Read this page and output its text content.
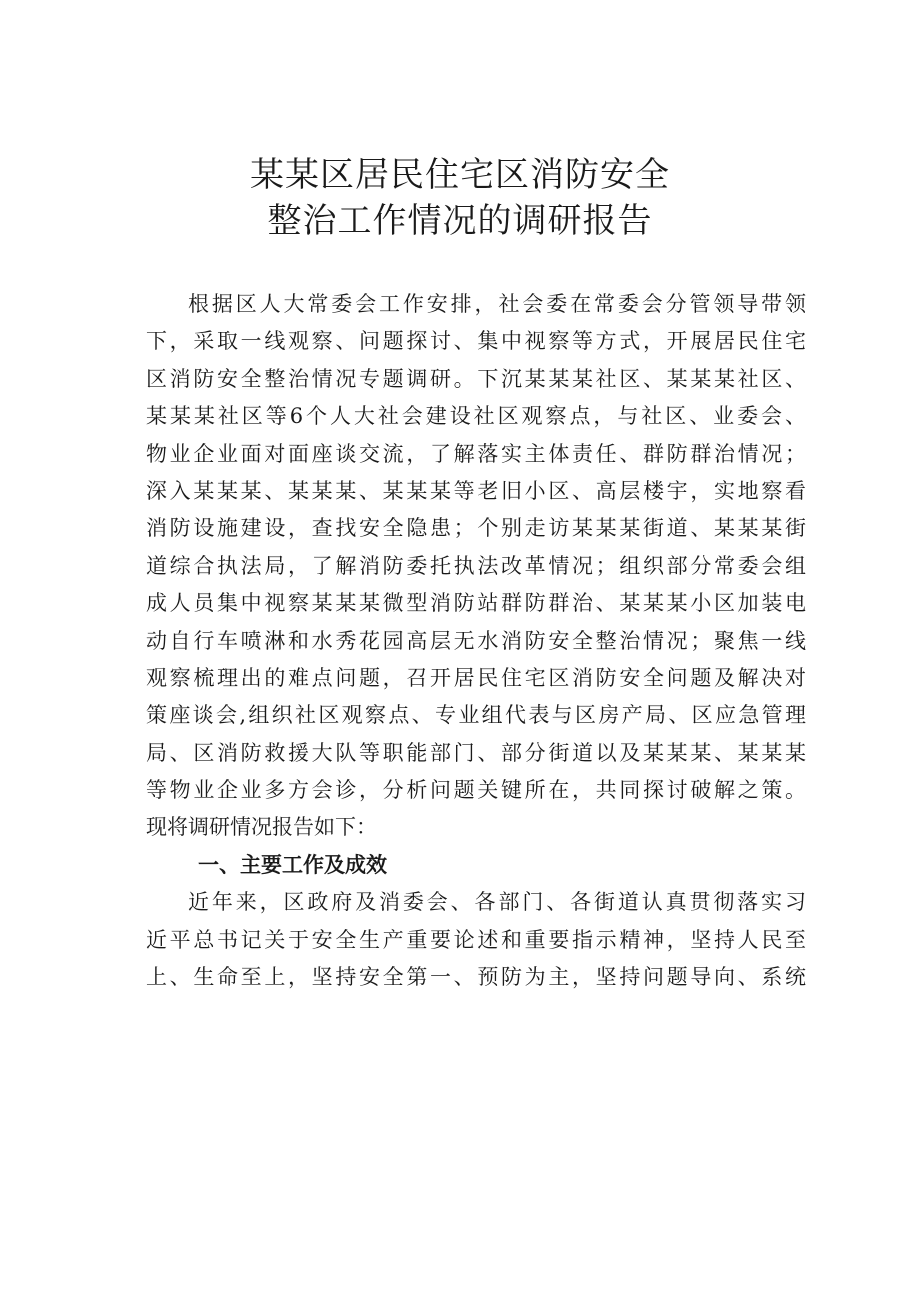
某某区居民住宅区消防安全
整治工作情况的调研报告
根据区人大常委会工作安排，社会委在常委会分管领导带领
下，采取一线观察、问题探讨、集中视察等方式，开展居民住宅
区消防安全整治情况专题调研。下沉某某某社区、某某某社区、
某某某社区等6个人大社会建设社区观察点，与社区、业委会、
物业企业面对面座谈交流，了解落实主体责任、群防群治情况；
深入某某某、某某某、某某某等老旧小区、高层楼宇，实地察看
消防设施建设，查找安全隐患；个别走访某某某街道、某某某街
道综合执法局，了解消防委托执法改革情况；组织部分常委会组
成人员集中视察某某某微型消防站群防群治、某某某小区加装电
动自行车喷淋和水秀花园高层无水消防安全整治情况；聚焦一线
观察梳理出的难点问题，召开居民住宅区消防安全问题及解决对
策座谈会,组织社区观察点、专业组代表与区房产局、区应急管理
局、区消防救援大队等职能部门、部分街道以及某某某、某某某
等物业企业多方会诊，分析问题关键所在，共同探讨破解之策。
现将调研情况报告如下：
一、主要工作及成效
近年来，区政府及消委会、各部门、各街道认真贯彻落实习
近平总书记关于安全生产重要论述和重要指示精神，坚持人民至
上、生命至上，坚持安全第一、预防为主，坚持问题导向、系统
